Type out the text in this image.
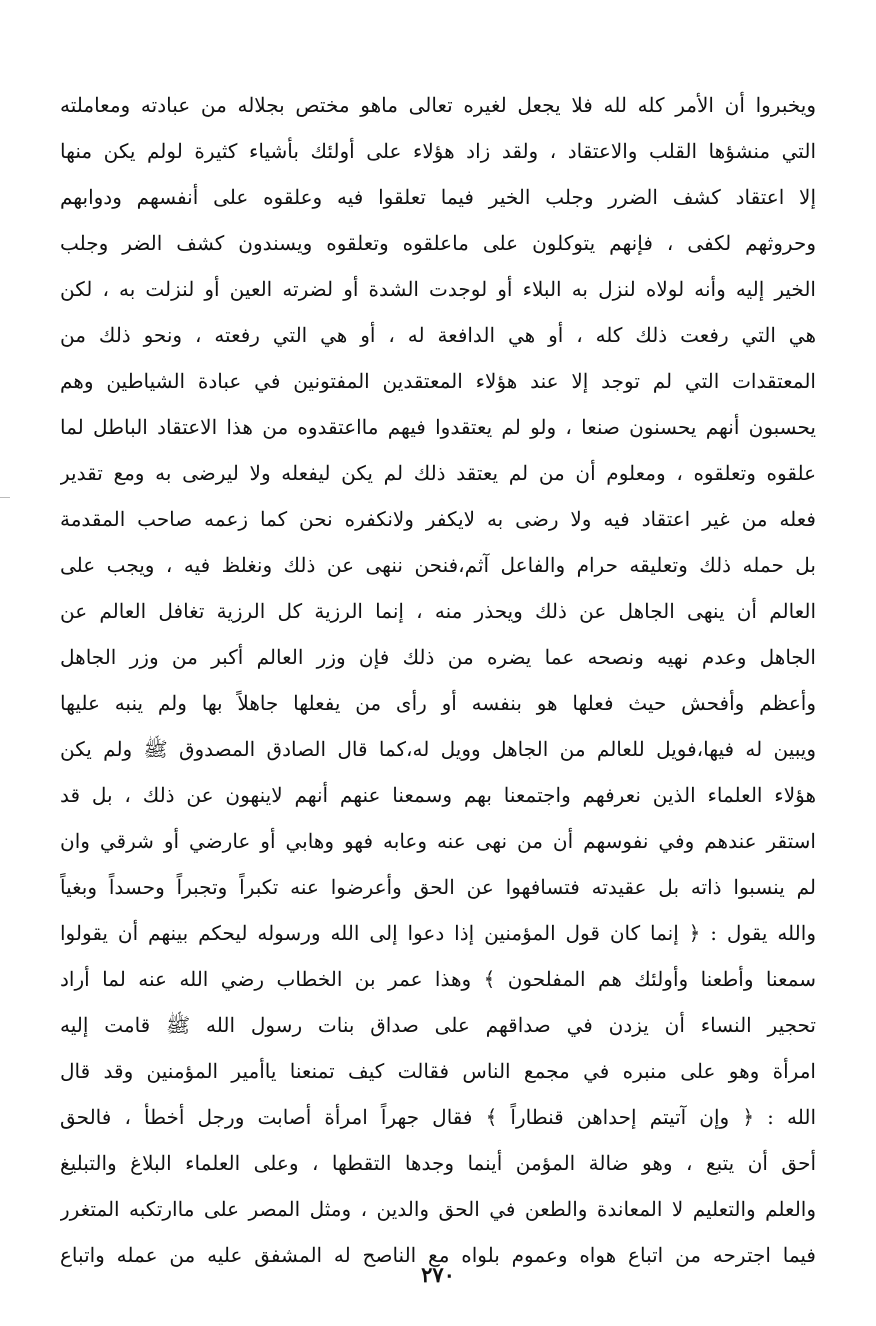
ويخبروا أن الأمر كله لله فلا يجعل لغيره تعالى ماهو مختص بجلاله من عبادته ومعاملته
التي منشؤها القلب والاعتقاد ، ولقد زاد هؤلاء على أولئك بأشياء كثيرة لولم يكن منها
إلا اعتقاد كشف الضرر وجلب الخير فيما تعلقوا فيه وعلقوه على أنفسهم ودوابهم
وحروثهم لكفى ، فإنهم يتوكلون على ماعلقوه وتعلقوه ويسندون كشف الضر وجلب
الخير إليه وأنه لولاه لنزل به البلاء أو لوجدت الشدة أو لضرته العين أو لنزلت به ، لكن
هي التي رفعت ذلك كله ، أو هي الدافعة له ، أو هي التي رفعته ، ونحو ذلك من
المعتقدات التي لم توجد إلا عند هؤلاء المعتقدين المفتونين في عبادة الشياطين وهم
يحسبون أنهم يحسنون صنعا ، ولو لم يعتقدوا فيهم مااعتقدوه من هذا الاعتقاد الباطل لما
علقوه وتعلقوه ، ومعلوم أن من لم يعتقد ذلك لم يكن ليفعله ولا ليرضى به ومع تقدير
فعله من غير اعتقاد فيه ولا رضى به لايكفر ولانكفره نحن كما زعمه صاحب المقدمة
بل حمله ذلك وتعليقه حرام والفاعل آثم،فنحن ننهى عن ذلك ونغلظ فيه ، ويجب على
العالم أن ينهى الجاهل عن ذلك ويحذر منه ، إنما الرزية كل الرزية تغافل العالم عن
الجاهل وعدم نهيه ونصحه عما يضره من ذلك فإن وزر العالم أكبر من وزر الجاهل
وأعظم وأفحش حيث فعلها هو بنفسه أو رأى من يفعلها جاهلاً بها ولم ينبه عليها
ويبين له فيها،فويل للعالم من الجاهل وويل له،كما قال الصادق المصدوق ﷺ ولم يكن
هؤلاء العلماء الذين نعرفهم واجتمعنا بهم وسمعنا عنهم أنهم لاينهون عن ذلك ، بل قد
استقر عندهم وفي نفوسهم أن من نهى عنه وعابه فهو وهابي أو عارضي أو شرقي وان
لم ينسبوا ذاته بل عقيدته فتسافهوا عن الحق وأعرضوا عنه تكبراً وتجبراً وحسداً وبغياً
والله يقول : ﴿ إنما كان قول المؤمنين إذا دعوا إلى الله ورسوله ليحكم بينهم أن يقولوا
سمعنا وأطعنا وأولئك هم المفلحون ﴾ وهذا عمر بن الخطاب رضي الله عنه لما أراد
تحجير النساء أن يزدن في صداقهم على صداق بنات رسول الله ﷺ قامت إليه
امرأة وهو على منبره في مجمع الناس فقالت كيف تمنعنا ياأمير المؤمنين وقد قال
الله : ﴿ وإن آتيتم إحداهن قنطاراً ﴾ فقال جهراً امرأة أصابت ورجل أخطأ ، فالحق
أحق أن يتبع ، وهو ضالة المؤمن أينما وجدها التقطها ، وعلى العلماء البلاغ والتبليغ
والعلم والتعليم لا المعاندة والطعن في الحق والدين ، ومثل المصر على ماارتكبه المتغرر
فيما اجترحه من اتباع هواه وعموم بلواه مع الناصح له المشفق عليه من عمله واتباع
٢٧٠
